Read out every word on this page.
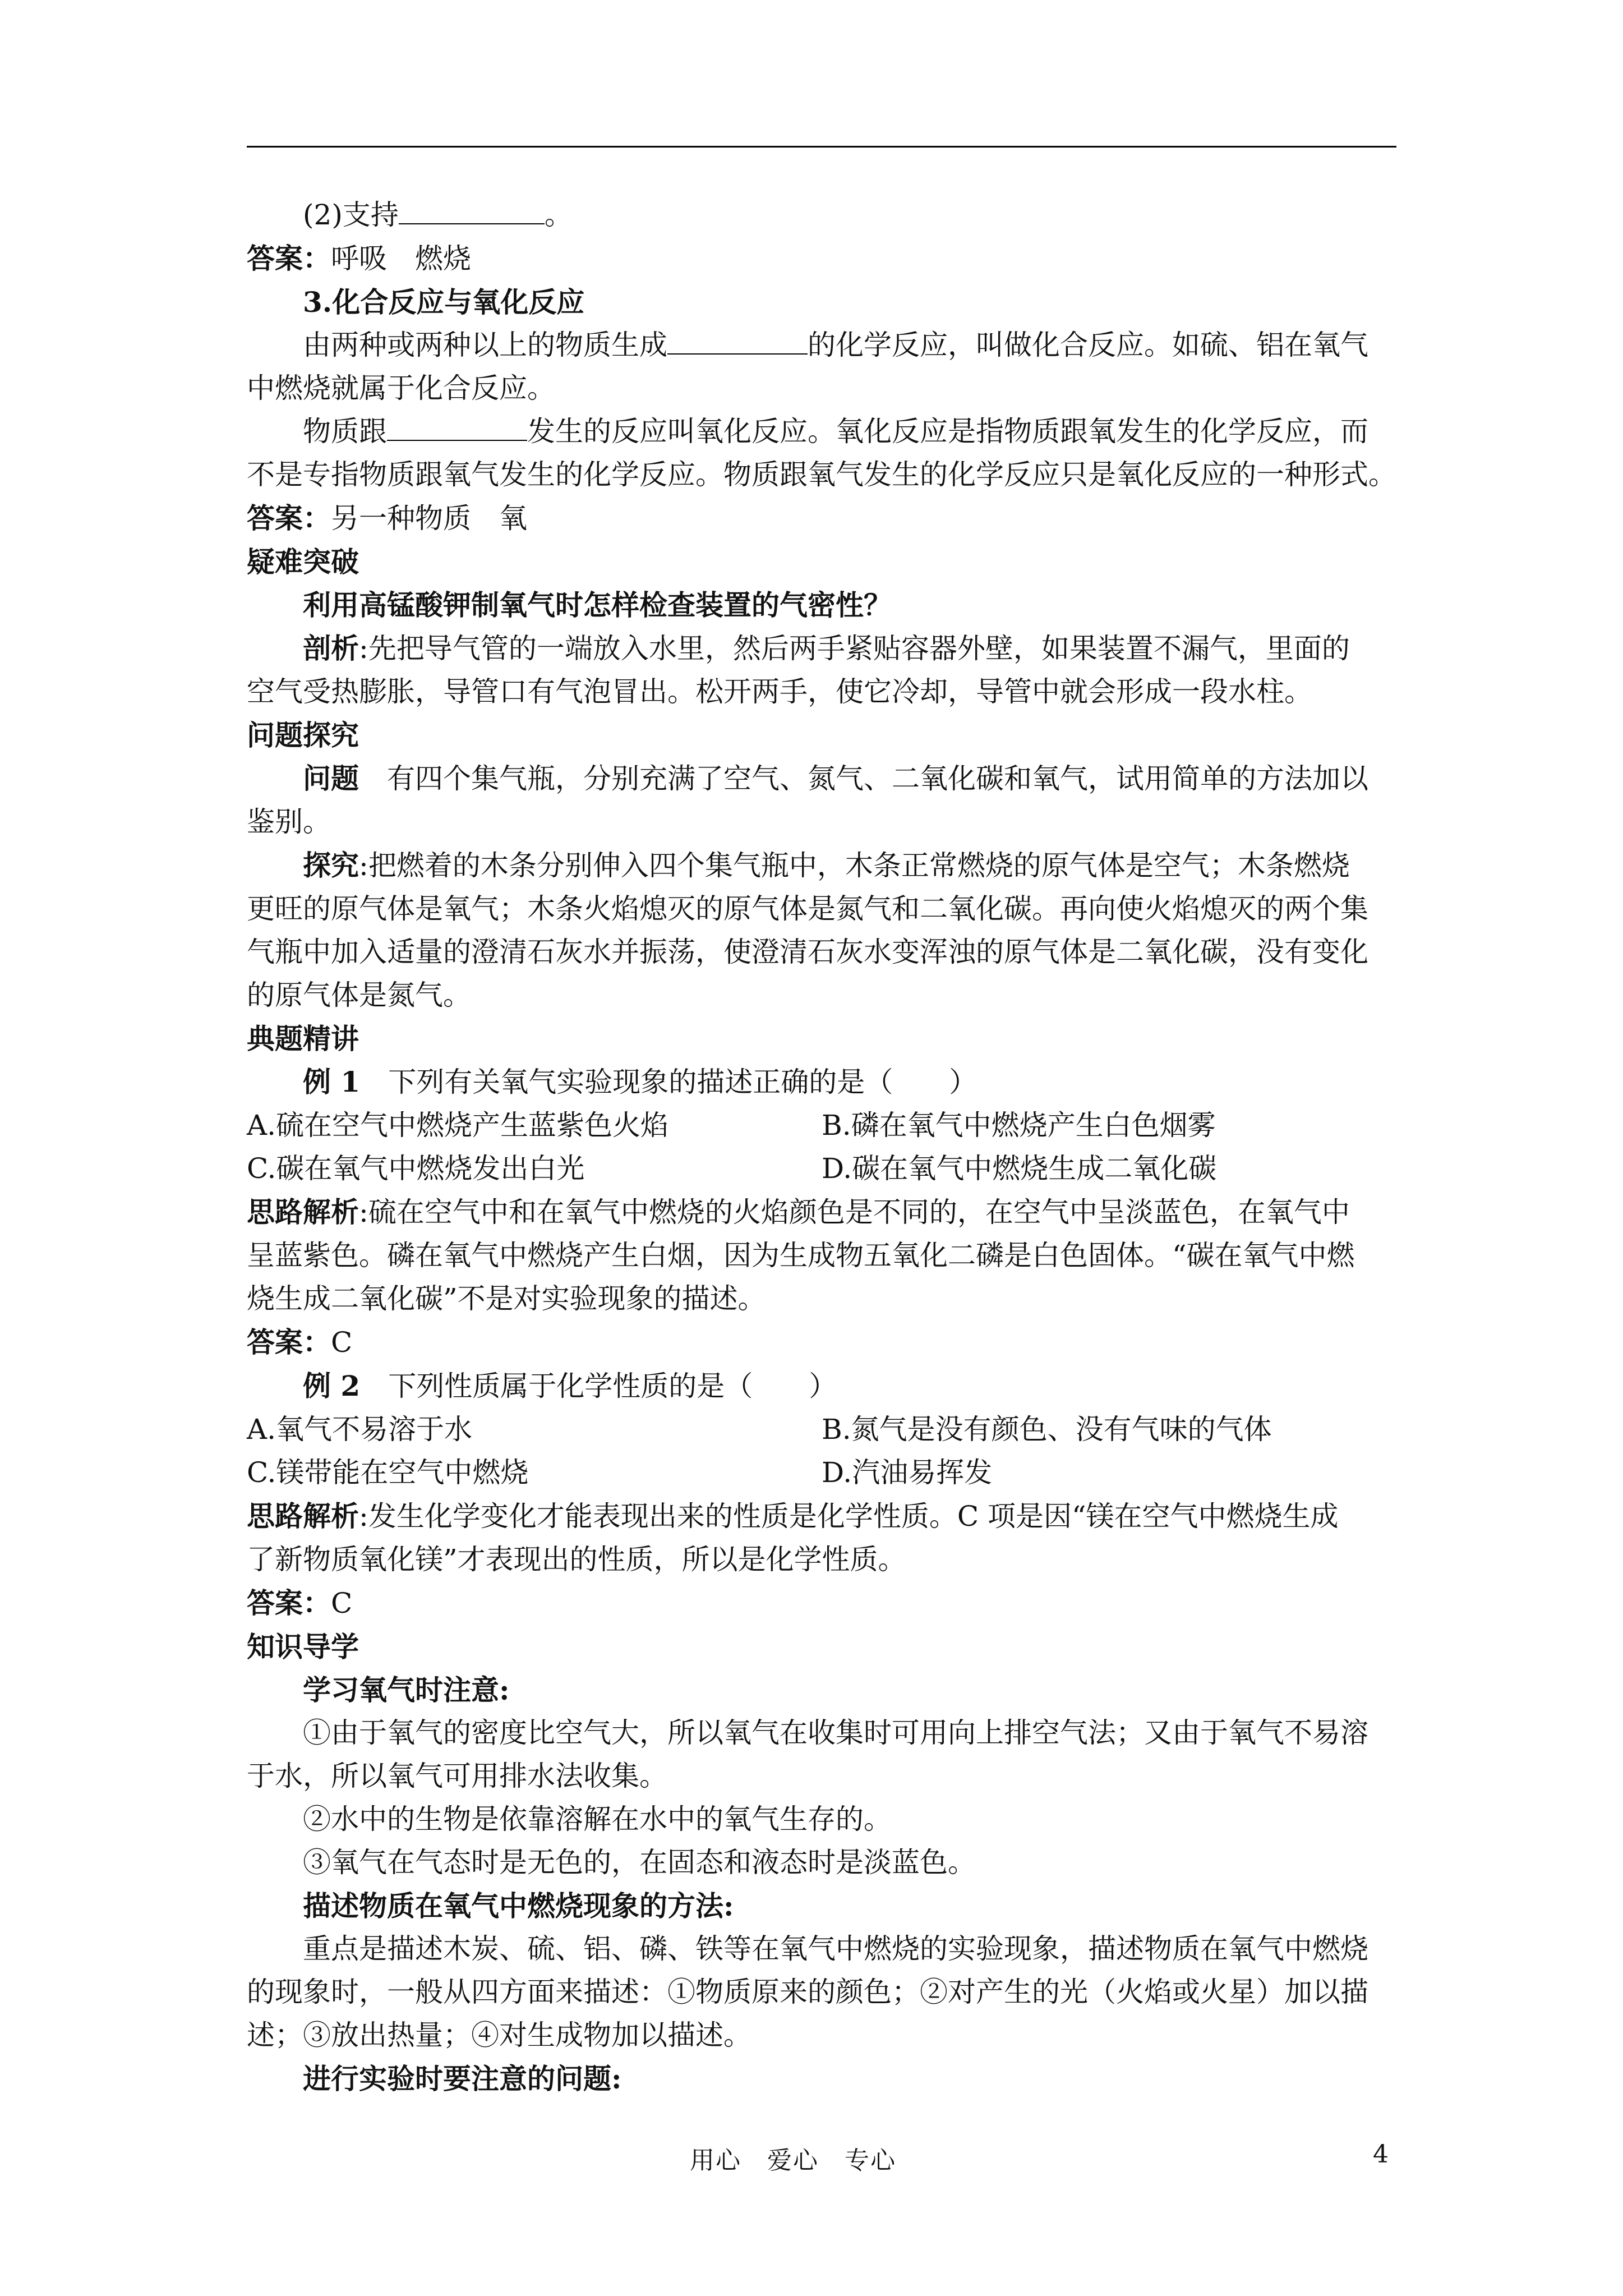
(2)支持	。

答案：呼吸　燃烧

3.化合反应与氧化反应

由两种或两种以上的物质生成	的化学反应，叫做化合反应。如硫、铝在氧气

中燃烧就属于化合反应。

物质跟	发生的反应叫氧化反应。氧化反应是指物质跟氧发生的化学反应，而

不是专指物质跟氧气发生的化学反应。物质跟氧气发生的化学反应只是氧化反应的一种形式。

答案：另一种物质　氧

疑难突破

利用高锰酸钾制氧气时怎样检查装置的气密性？

剖析:先把导气管的一端放入水里，然后两手紧贴容器外壁，如果装置不漏气，里面的

空气受热膨胀，导管口有气泡冒出。松开两手，使它冷却，导管中就会形成一段水柱。

问题探究

问题　有四个集气瓶，分别充满了空气、氮气、二氧化碳和氧气，试用简单的方法加以

鉴别。

探究:把燃着的木条分别伸入四个集气瓶中，木条正常燃烧的原气体是空气；木条燃烧

更旺的原气体是氧气；木条火焰熄灭的原气体是氮气和二氧化碳。再向使火焰熄灭的两个集

气瓶中加入适量的澄清石灰水并振荡，使澄清石灰水变浑浊的原气体是二氧化碳，没有变化

的原气体是氮气。

典题精讲

例 1　下列有关氧气实验现象的描述正确的是（　　）

A.硫在空气中燃烧产生蓝紫色火焰	B.磷在氧气中燃烧产生白色烟雾
C.碳在氧气中燃烧发出白光	D.碳在氧气中燃烧生成二氧化碳

思路解析:硫在空气中和在氧气中燃烧的火焰颜色是不同的，在空气中呈淡蓝色，在氧气中

呈蓝紫色。磷在氧气中燃烧产生白烟，因为生成物五氧化二磷是白色固体。“碳在氧气中燃

烧生成二氧化碳”不是对实验现象的描述。

答案：C

例 2　下列性质属于化学性质的是（　　）

A.氧气不易溶于水	B.氮气是没有颜色、没有气味的气体
C.镁带能在空气中燃烧	D.汽油易挥发

思路解析:发生化学变化才能表现出来的性质是化学性质。C 项是因“镁在空气中燃烧生成

了新物质氧化镁”才表现出的性质，所以是化学性质。

答案：C

知识导学

学习氧气时注意:

①由于氧气的密度比空气大，所以氧气在收集时可用向上排空气法；又由于氧气不易溶

于水，所以氧气可用排水法收集。

②水中的生物是依靠溶解在水中的氧气生存的。

③氧气在气态时是无色的，在固态和液态时是淡蓝色。

描述物质在氧气中燃烧现象的方法:

重点是描述木炭、硫、铝、磷、铁等在氧气中燃烧的实验现象，描述物质在氧气中燃烧

的现象时，一般从四方面来描述：①物质原来的颜色；②对产生的光（火焰或火星）加以描

述；③放出热量；④对生成物加以描述。

进行实验时要注意的问题:

用心　爱心　专心	4
